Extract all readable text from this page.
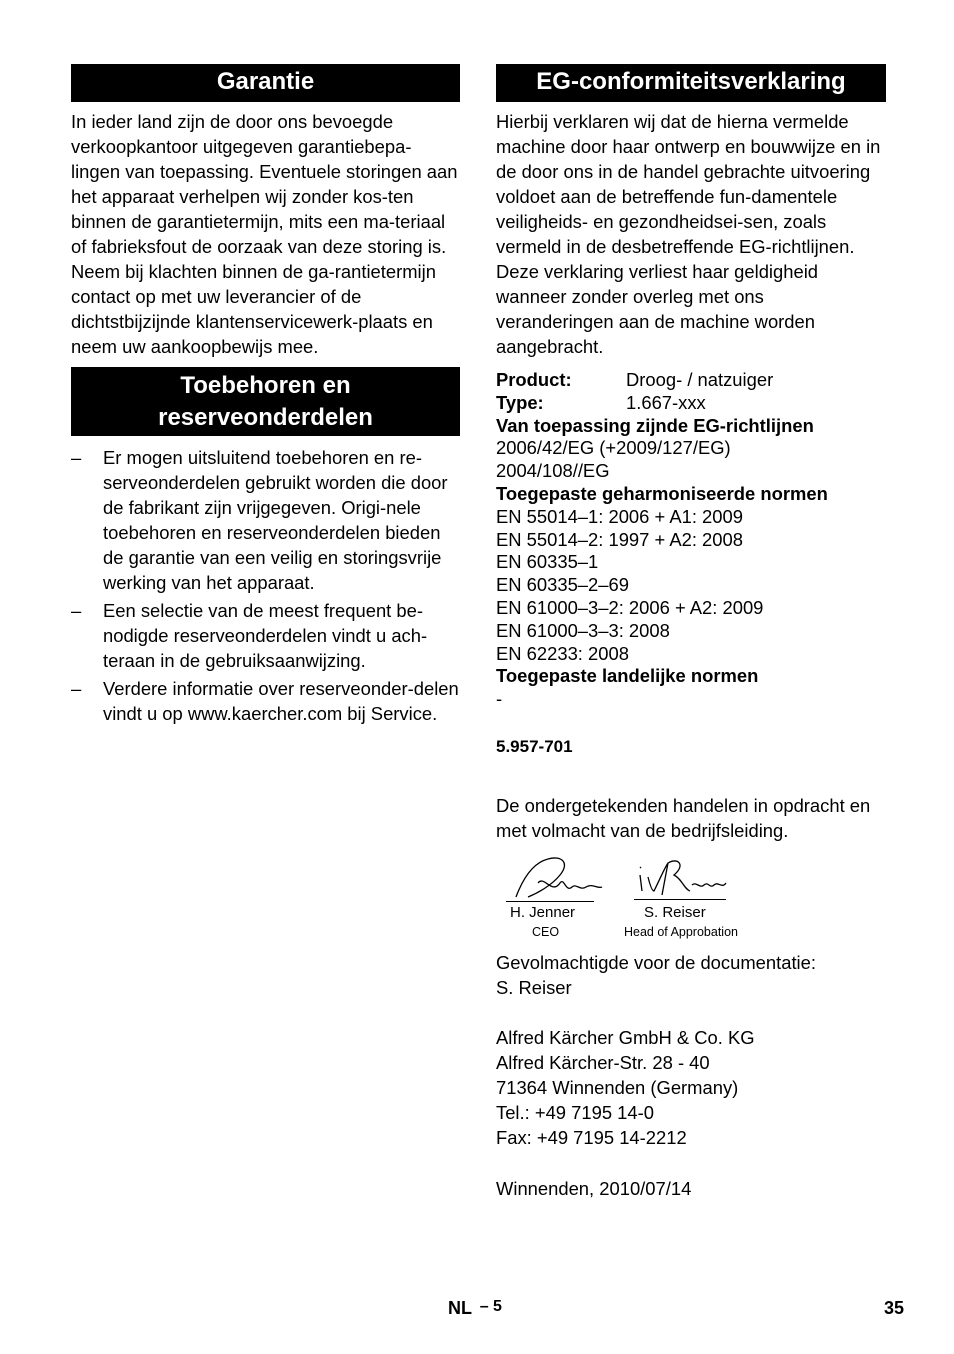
Garantie

In ieder land zijn de door ons bevoegde verkoopkantoor uitgegeven garantiebepa-lingen van toepassing. Eventuele storingen aan het apparaat verhelpen wij zonder kos-ten binnen de garantietermijn, mits een ma-teriaal of fabrieksfout de oorzaak van deze storing is. Neem bij klachten binnen de ga-rantietermijn contact op met uw leverancier of de dichtstbijzijnde klantenservicewerk-plaats en neem uw aankoopbewijs mee.

Toebehoren en
reserveonderdelen
– Er mogen uitsluitend toebehoren en re-serveonderdelen gebruikt worden die door de fabrikant zijn vrijgegeven. Origi-nele toebehoren en reserveonderdelen bieden de garantie van een veilig en storingsvrije werking van het apparaat.
– Een selectie van de meest frequent be-nodigde reserveonderdelen vindt u ach-teraan in de gebruiksaanwijzing.
– Verdere informatie over reserveonder-delen vindt u op www.kaercher.com bij Service.
EG-conformiteitsverklaring

Hierbij verklaren wij dat de hierna vermelde machine door haar ontwerp en bouwwijze en in de door ons in de handel gebrachte uitvoering voldoet aan de betreffende fun-damentele veiligheids- en gezondheidsei-sen, zoals vermeld in de desbetreffende EG-richtlijnen. Deze verklaring verliest haar geldigheid wanneer zonder overleg met ons veranderingen aan de machine worden aangebracht.

Product:	Droog- / natzuiger
Type:	1.667-xxx
Van toepassing zijnde EG-richtlijnen
2006/42/EG (+2009/127/EG)
2004/108//EG
Toegepaste geharmoniseerde normen
EN 55014–1: 2006 + A1: 2009
EN 55014–2: 1997 + A2: 2008
EN 60335–1
EN 60335–2–69
EN 61000–3–2: 2006 + A2: 2009
EN 61000–3–3: 2008
EN 62233: 2008
Toegepaste landelijke normen
-
5.957-701

De ondergetekenden handelen in opdracht en met volmacht van de bedrijfsleiding.

H. Jenner
CEO
S. Reiser
Head of Approbation

Gevolmachtigde voor de documentatie:

S. Reiser

Alfred Kärcher GmbH & Co. KG
Alfred Kärcher-Str. 28 - 40
71364 Winnenden (Germany)
Tel.: +49 7195 14-0
Fax: +49 7195 14-2212

Winnenden, 2010/07/14

NL – 5	35
